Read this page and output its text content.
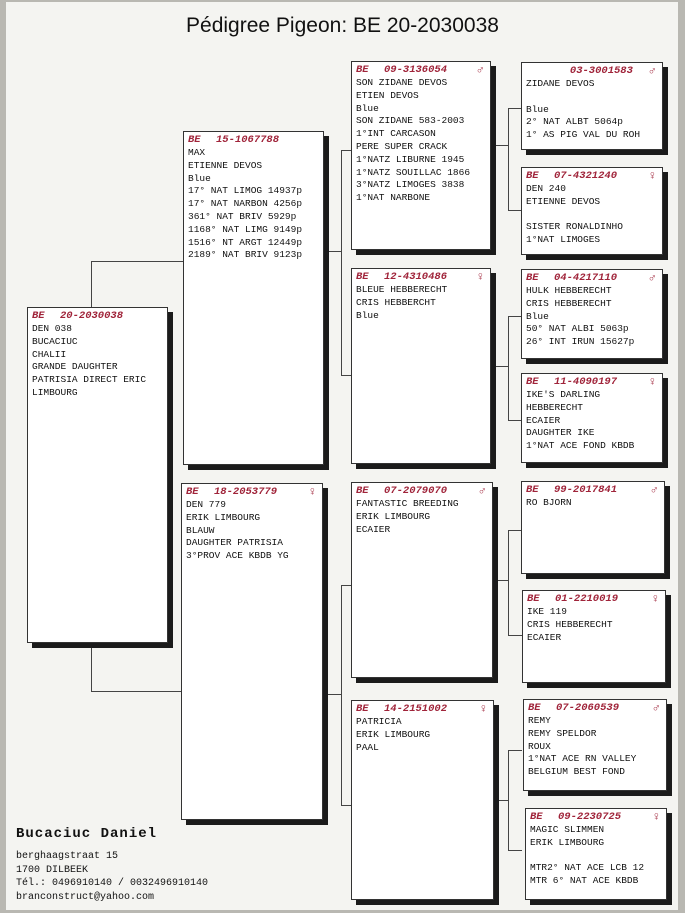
Pédigree Pigeon: BE 20-2030038
BE	20-2030038
DEN 038
BUCACIUC
CHALII
GRANDE DAUGHTER
PATRISIA DIRECT ERIC
LIMBOURG
BE	15-1067788
MAX
ETIENNE DEVOS
Blue
17° NAT LIMOG 14937p
17° NAT NARBON 4256p
361° NAT BRIV 5929p
1168° NAT LIMG 9149p
1516° NT ARGT 12449p
2189° NAT BRIV 9123p
BE	18-2053779	♀
DEN 779
ERIK LIMBOURG
BLAUW
DAUGHTER PATRISIA
3°PROV ACE KBDB YG
BE	09-3136054	♂
SON ZIDANE DEVOS
ETIEN DEVOS
Blue
SON ZIDANE 583-2003
1°INT CARCASON
PERE SUPER CRACK
1°NATZ LIBURNE 1945
1°NATZ SOUILLAC 1866
3°NATZ LIMOGES 3838
1°NAT NARBONE
BE	12-4310486	♀
BLEUE HEBBERECHT
CRIS HEBBERCHT
Blue
BE	07-2079070	♂
FANTASTIC BREEDING
ERIK LIMBOURG
ECAIER
BE	14-2151002	♀
PATRICIA
ERIK LIMBOURG
PAAL
03-3001583	♂
ZIDANE DEVOS
Blue
2° NAT ALBT 5064p
1° AS PIG VAL DU ROH
BE	07-4321240	♀
DEN 240
ETIENNE DEVOS
SISTER RONALDINHO
1°NAT LIMOGES
BE	04-4217110	♂
HULK HEBBERECHT
CRIS HEBBERECHT
Blue
50° NAT ALBI 5063p
26° INT IRUN 15627p
BE	11-4090197	♀
IKE'S DARLING
HEBBERECHT
ECAIER
DAUGHTER IKE
1°NAT ACE FOND KBDB
BE	99-2017841	♂
RO BJORN
BE	01-2210019	♀
IKE 119
CRIS HEBBERECHT
ECAIER
BE	07-2060539	♂
REMY
REMY SPELDOR
ROUX
1°NAT ACE RN VALLEY
BELGIUM BEST FOND
BE	09-2230725	♀
MAGIC SLIMMEN
ERIK LIMBOURG
MTR2° NAT ACE LCB 12
MTR 6° NAT ACE KBDB
Bucaciuc Daniel
berghaagstraat 15
1700 DILBEEK
Tél.: 0496910140 / 0032496910140
branconstruct@yahoo.com
